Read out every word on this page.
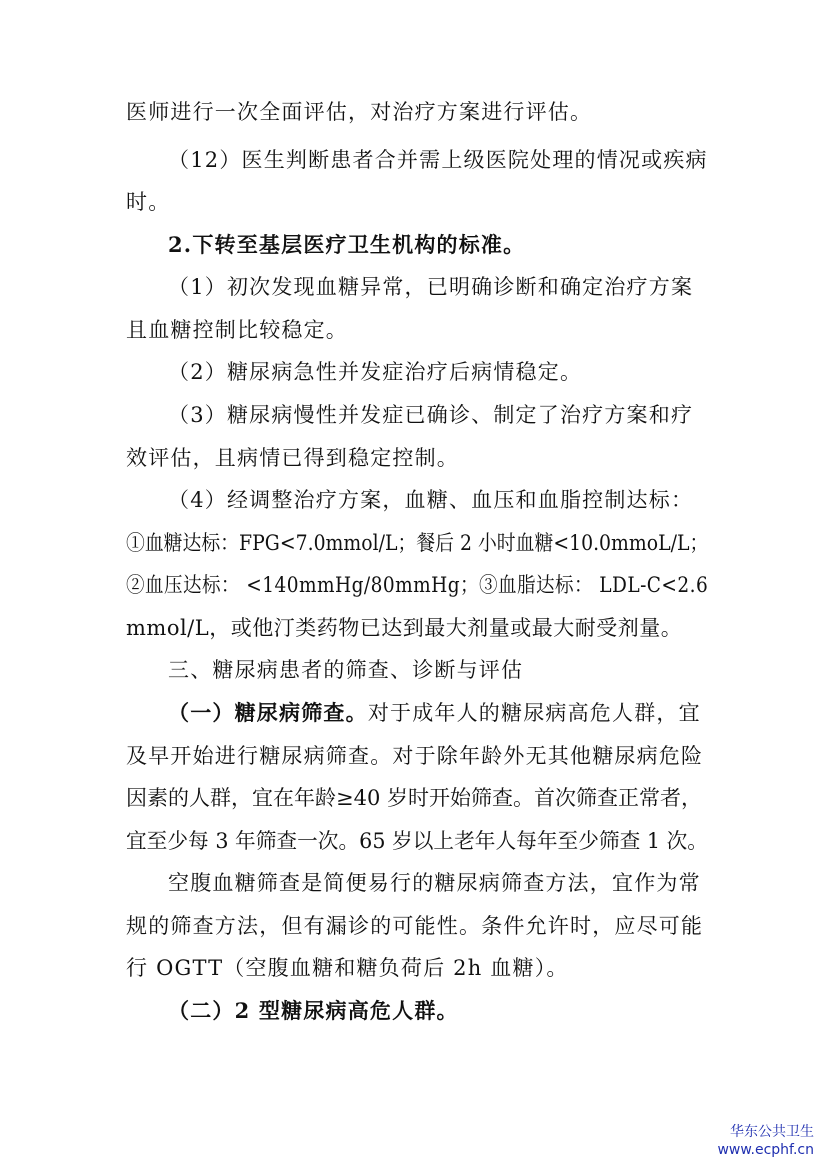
医师进行一次全面评估，对治疗方案进行评估。
（12）医生判断患者合并需上级医院处理的情况或疾病
时。
2.下转至基层医疗卫生机构的标准。
（1）初次发现血糖异常，已明确诊断和确定治疗方案
且血糖控制比较稳定。
（2）糖尿病急性并发症治疗后病情稳定。
（3）糖尿病慢性并发症已确诊、制定了治疗方案和疗
效评估，且病情已得到稳定控制。
（4）经调整治疗方案，血糖、血压和血脂控制达标：
①血糖达标：FPG<7.0mmol/L；餐后 2 小时血糖<10.0mmoL/L；
②血压达标： <140mmHg/80mmHg；③血脂达标： LDL-C<2.6
mmol/L，或他汀类药物已达到最大剂量或最大耐受剂量。
三、糖尿病患者的筛查、诊断与评估
（一）糖尿病筛查。对于成年人的糖尿病高危人群，宜
及早开始进行糖尿病筛查。对于除年龄外无其他糖尿病危险
因素的人群，宜在年龄≥40 岁时开始筛查。首次筛查正常者，
宜至少每 3 年筛查一次。65 岁以上老年人每年至少筛查 1 次。
空腹血糖筛查是简便易行的糖尿病筛查方法，宜作为常
规的筛查方法，但有漏诊的可能性。条件允许时，应尽可能
行 OGTT（空腹血糖和糖负荷后 2h 血糖）。
（二）2 型糖尿病高危人群。
华东公共卫生
www.ecphf.cn
